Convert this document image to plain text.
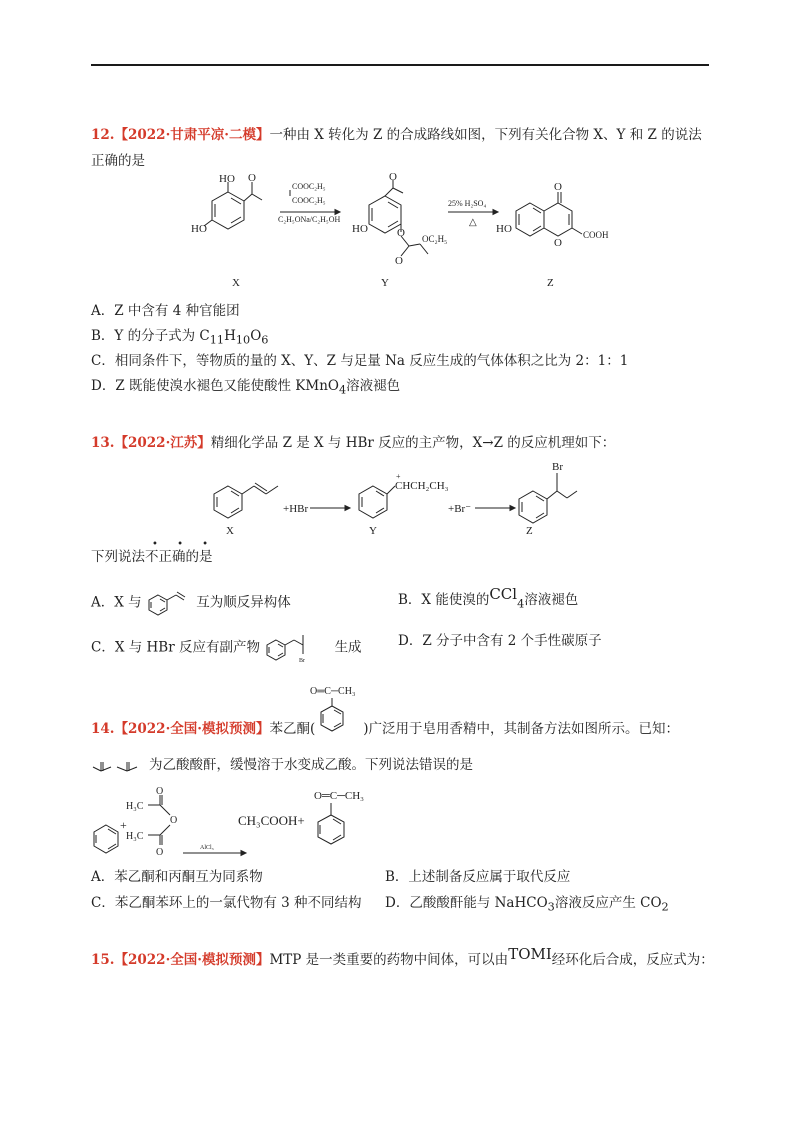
12.【2022·甘肃平凉·二模】一种由 X 转化为 Z 的合成路线如图，下列有关化合物 X、Y 和 Z 的说法
正确的是
HO
HO
O
COOC₂H₅
COOC₂H₅
C₂H₅ONa/C₂H₅OH
HO
O
O OC₂H₅
O
25% H₂SO₄
△
HO
O
O
COOH
X	Y	Z
A．Z 中含有 4 种官能团
B．Y 的分子式为 $C_{11}H_{10}O_6$
C．相同条件下，等物质的量的 X、Y、Z 与足量 Na 反应生成的气体体积之比为 2：1：1
D．Z 既能使溴水褪色又能使酸性 KMnO$_4$溶液褪色
13.【2022·江苏】精细化学品 Z 是 X 与 HBr 反应的主产物，X→Z 的反应机理如下：
+HBr
+
CHCH₂CH₃
+Br⁻
Br
X	Y	Z
下列说法不正确的是
• • •
A．X 与	互为顺反异构体	B．X 能使溴的CCl$_4$溶液褪色
C．X 与 HBr 反应有副产物
Br
生成	D．Z 分子中含有 2 个手性碳原子
O═C─CH₃
14.【2022·全国·模拟预测】苯乙酮(	)广泛用于皂用香精中，其制备方法如图所示。已知：
为乙酸酸酐，缓慢溶于水变成乙酸。下列说法错误的是
+
H₃C
H₃C
O
O
O	AlCl₃
CH₃COOH+
O═C─CH₃
A．苯乙酮和丙酮互为同系物	B．上述制备反应属于取代反应
C．苯乙酮苯环上的一氯代物有 3 种不同结构 D．乙酸酸酐能与 NaHCO$_3$溶液反应产生 $CO_2$
15.【2022·全国·模拟预测】MTP 是一类重要的药物中间体，可以由TOMI经环化后合成，反应式为：
